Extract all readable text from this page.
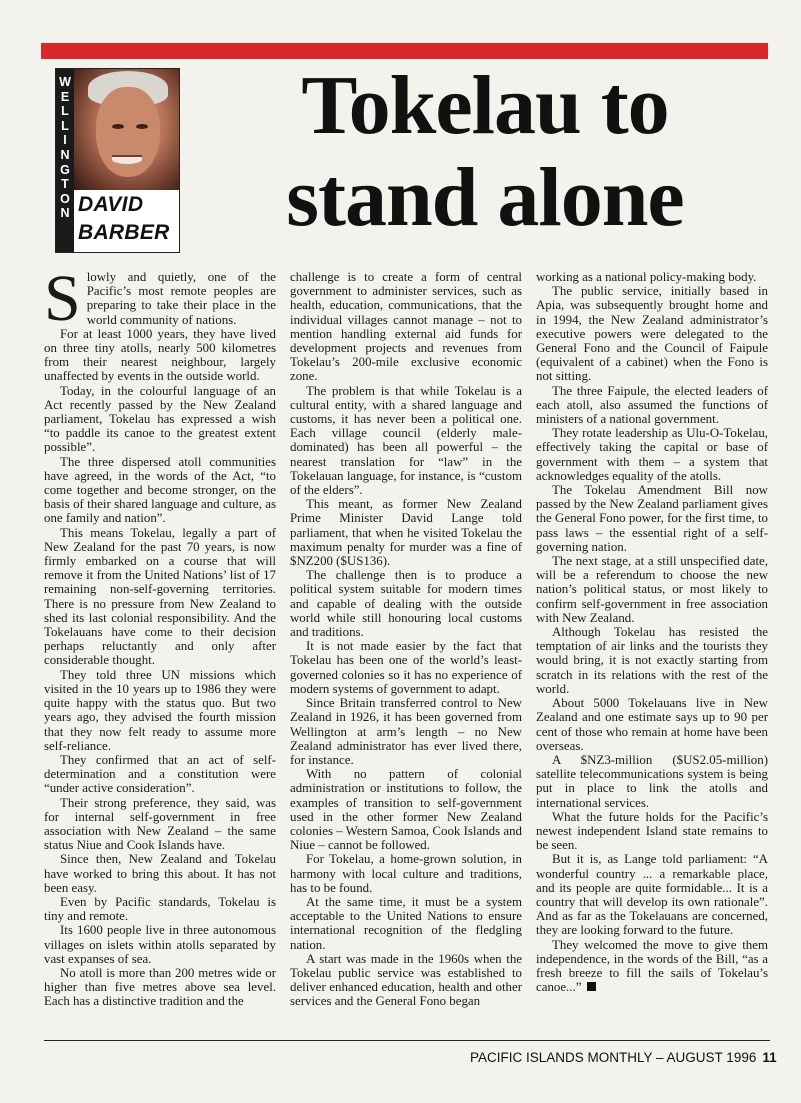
W
E
L
L
I
N
G
T
O
N DAVID
BARBER
Tokelau to
stand alone

Slowly and quietly, one of the Pacific’s most remote peoples are preparing to take their place in the world community of nations.

For at least 1000 years, they have lived on three tiny atolls, nearly 500 kilometres from their nearest neighbour, largely unaffected by events in the outside world.

Today, in the colourful language of an Act recently passed by the New Zealand parliament, Tokelau has expressed a wish “to paddle its canoe to the greatest extent possible”.

The three dispersed atoll communities have agreed, in the words of the Act, “to come together and become stronger, on the basis of their shared language and culture, as one family and nation”.

This means Tokelau, legally a part of New Zealand for the past 70 years, is now firmly embarked on a course that will remove it from the United Nations’ list of 17 remaining non-self-governing territories. There is no pressure from New Zealand to shed its last colonial responsibility. And the Tokelauans have come to their decision perhaps reluctantly and only after considerable thought.

They told three UN missions which visited in the 10 years up to 1986 they were quite happy with the status quo. But two years ago, they advised the fourth mission that they now felt ready to assume more self-reliance.

They confirmed that an act of self-determination and a constitution were “under active consideration”.

Their strong preference, they said, was for internal self-government in free association with New Zealand – the same status Niue and Cook Islands have.

Since then, New Zealand and Tokelau have worked to bring this about. It has not been easy.

Even by Pacific standards, Tokelau is tiny and remote.

Its 1600 people live in three autonomous villages on islets within atolls separated by vast expanses of sea.

No atoll is more than 200 metres wide or higher than five metres above sea level. Each has a distinctive tradition and the

challenge is to create a form of central government to administer services, such as health, education, communications, that the individual villages cannot manage – not to mention handling external aid funds for development projects and revenues from Tokelau’s 200-mile exclusive economic zone.

The problem is that while Tokelau is a cultural entity, with a shared language and customs, it has never been a political one. Each village council (elderly male-dominated) has been all powerful – the nearest translation for “law” in the Tokelauan language, for instance, is “custom of the elders”.

This meant, as former New Zealand Prime Minister David Lange told parliament, that when he visited Tokelau the maximum penalty for murder was a fine of $NZ200 ($US136).

The challenge then is to produce a political system suitable for modern times and capable of dealing with the outside world while still honouring local customs and traditions.

It is not made easier by the fact that Tokelau has been one of the world’s least-governed colonies so it has no experience of modern systems of government to adapt.

Since Britain transferred control to New Zealand in 1926, it has been governed from Wellington at arm’s length – no New Zealand administrator has ever lived there, for instance.

With no pattern of colonial administration or institutions to follow, the examples of transition to self-government used in the other former New Zealand colonies – Western Samoa, Cook Islands and Niue – cannot be followed.

For Tokelau, a home-grown solution, in harmony with local culture and traditions, has to be found.

At the same time, it must be a system acceptable to the United Nations to ensure international recognition of the fledgling nation.

A start was made in the 1960s when the Tokelau public service was established to deliver enhanced education, health and other services and the General Fono began

working as a national policy-making body.

The public service, initially based in Apia, was subsequently brought home and in 1994, the New Zealand administrator’s executive powers were delegated to the General Fono and the Council of Faipule (equivalent of a cabinet) when the Fono is not sitting.

The three Faipule, the elected leaders of each atoll, also assumed the functions of ministers of a national government.

They rotate leadership as Ulu-O-Tokelau, effectively taking the capital or base of government with them – a system that acknowledges equality of the atolls.

The Tokelau Amendment Bill now passed by the New Zealand parliament gives the General Fono power, for the first time, to pass laws – the essential right of a self-governing nation.

The next stage, at a still unspecified date, will be a referendum to choose the new nation’s political status, or most likely to confirm self-government in free association with New Zealand.

Although Tokelau has resisted the temptation of air links and the tourists they would bring, it is not exactly starting from scratch in its relations with the rest of the world.

About 5000 Tokelauans live in New Zealand and one estimate says up to 90 per cent of those who remain at home have been overseas.

A $NZ3-million ($US2.05-million) satellite telecommunications system is being put in place to link the atolls and international services.

What the future holds for the Pacific’s newest independent Island state remains to be seen.

But it is, as Lange told parliament: “A wonderful country ... a remarkable place, and its people are quite formidable... It is a country that will develop its own rationale”. And as far as the Tokelauans are concerned, they are looking forward to the future.

They welcomed the move to give them independence, in the words of the Bill, “as a fresh breeze to fill the sails of Tokelau’s canoe...”

PACIFIC ISLANDS MONTHLY – AUGUST 1996 11
